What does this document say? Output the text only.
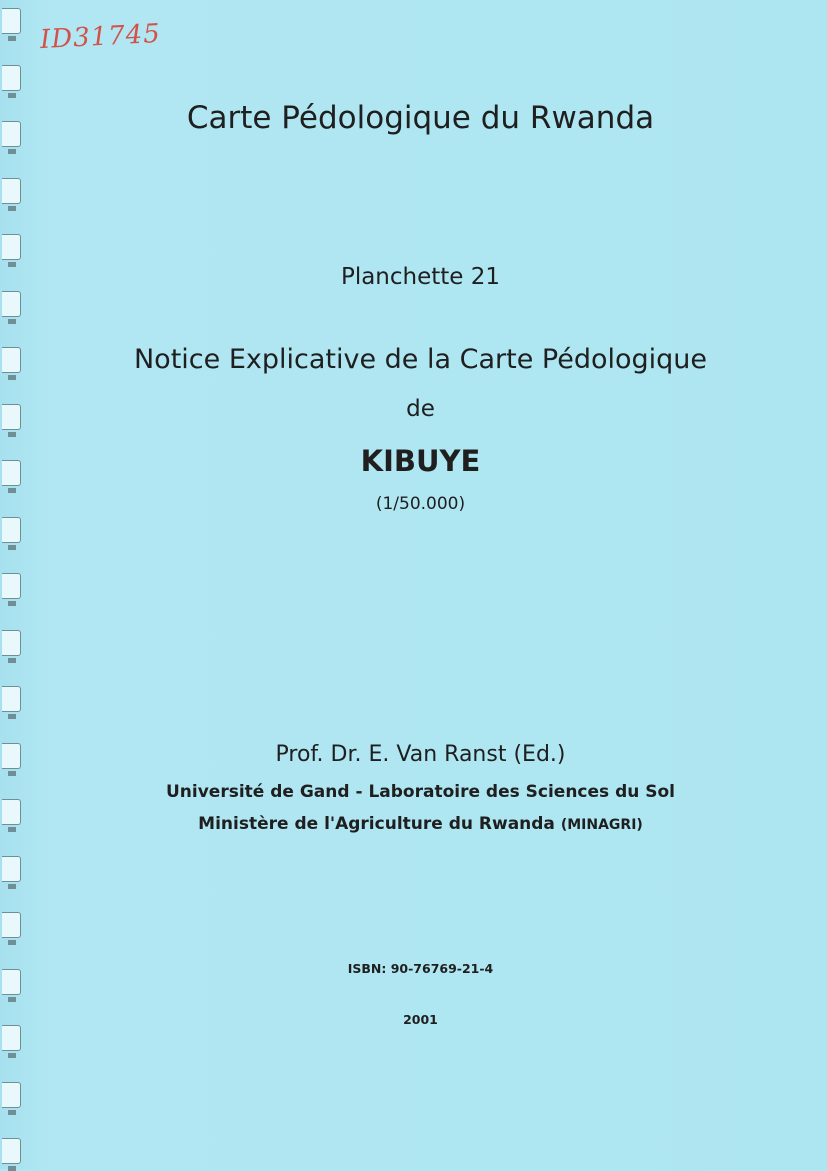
ID31745
Carte Pédologique du Rwanda
Planchette 21
Notice Explicative de la Carte Pédologique
de
KIBUYE
(1/50.000)
Prof. Dr. E. Van Ranst (Ed.)
Université de Gand - Laboratoire des Sciences du Sol
Ministère de l'Agriculture du Rwanda (MINAGRI)
ISBN: 90-76769-21-4
2001
